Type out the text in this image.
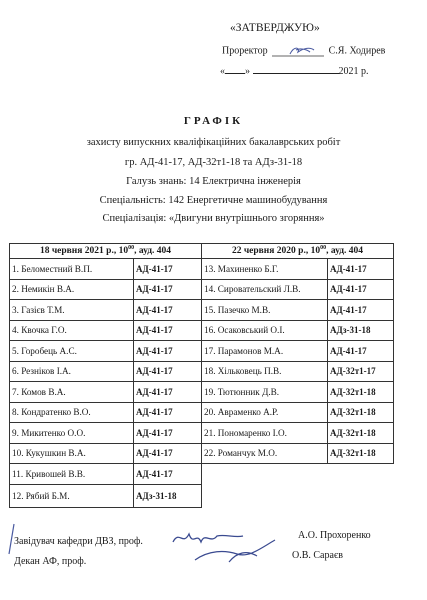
«ЗАТВЕРДЖУЮ»
Проректор	С.Я. Ходирев
« »	2021 р.
ГРАФІК
захисту випускних кваліфікаційних бакалаврських робіт
гр. АД-41-17, АД-32т1-18 та АДз-31-18
Галузь знань: 14 Електрична інженерія
Спеціальність: 142 Енергетичне машинобудування
Спеціалізація: «Двигуни внутрішнього згоряння»
18 червня 2021 р., $10^{00}$, ауд. 404		22 червня 2020 р., $10^{00}$, ауд. 404	
1. Беломестний В.П.	АД-41-17	13. Махиненко Б.Г.	АД-41-17
2. Немикін В.А.	АД-41-17	14. Сировательский Л.В.	АД-41-17
3. Газієв Т.М.	АД-41-17	15. Пазечко М.В.	АД-41-17
4. Квочка Г.О.	АД-41-17	16. Осаковський О.І.	АДз-31-18
5. Горобець А.С.	АД-41-17	17. Парамонов М.А.	АД-41-17
6. Резніков І.А.	АД-41-17	18. Хільковець П.В.	АД-32т1-17
7. Комов В.А.	АД-41-17	19. Тютюнник Д.В.	АД-32т1-18
8. Кондратенко В.О.	АД-41-17	20. Авраменко А.Р.	АД-32т1-18
9. Микитенко О.О.	АД-41-17	21. Пономаренко І.О.	АД-32т1-18
10. Кукушкин В.А.	АД-41-17	22. Романчук М.О.	АД-32т1-18
11. Кривошей В.В.	АД-41-17		
12. Рябий Б.М.	АДз-31-18		
Завідувач кафедри ДВЗ, проф.
Декан АФ, проф.
А.О. Прохоренко
О.В. Сараєв
